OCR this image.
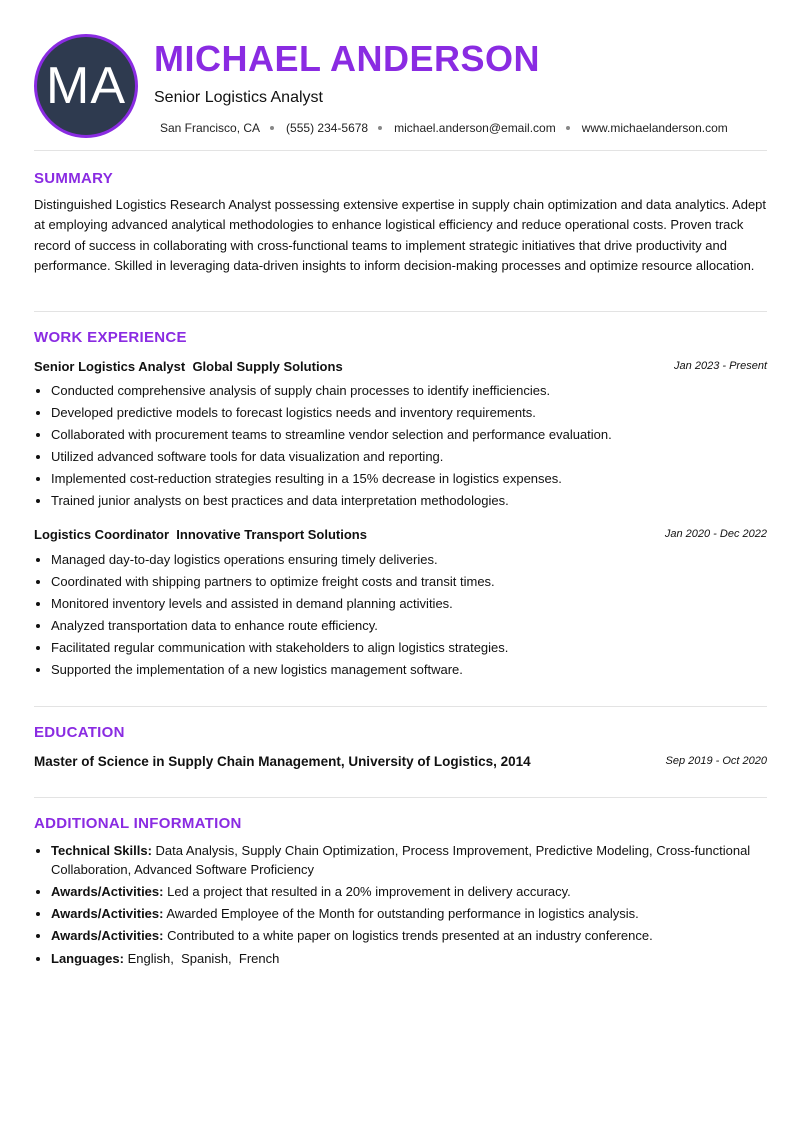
MA MICHAEL ANDERSON
Senior Logistics Analyst
San Francisco, CA (555) 234-5678 michael.anderson@email.com www.michaelanderson.com
SUMMARY
Distinguished Logistics Research Analyst possessing extensive expertise in supply chain optimization and data analytics. Adept at employing advanced analytical methodologies to enhance logistical efficiency and reduce operational costs. Proven track record of success in collaborating with cross-functional teams to implement strategic initiatives that drive productivity and performance. Skilled in leveraging data-driven insights to inform decision-making processes and optimize resource allocation.
WORK EXPERIENCE
Senior Logistics Analyst  Global Supply Solutions	Jan 2023 - Present
Conducted comprehensive analysis of supply chain processes to identify inefficiencies.
Developed predictive models to forecast logistics needs and inventory requirements.
Collaborated with procurement teams to streamline vendor selection and performance evaluation.
Utilized advanced software tools for data visualization and reporting.
Implemented cost-reduction strategies resulting in a 15% decrease in logistics expenses.
Trained junior analysts on best practices and data interpretation methodologies.
Logistics Coordinator  Innovative Transport Solutions	Jan 2020 - Dec 2022
Managed day-to-day logistics operations ensuring timely deliveries.
Coordinated with shipping partners to optimize freight costs and transit times.
Monitored inventory levels and assisted in demand planning activities.
Analyzed transportation data to enhance route efficiency.
Facilitated regular communication with stakeholders to align logistics strategies.
Supported the implementation of a new logistics management software.
EDUCATION
Master of Science in Supply Chain Management, University of Logistics, 2014	Sep 2019 - Oct 2020
ADDITIONAL INFORMATION
Technical Skills: Data Analysis, Supply Chain Optimization, Process Improvement, Predictive Modeling, Cross-functional Collaboration, Advanced Software Proficiency
Awards/Activities: Led a project that resulted in a 20% improvement in delivery accuracy.
Awards/Activities: Awarded Employee of the Month for outstanding performance in logistics analysis.
Awards/Activities: Contributed to a white paper on logistics trends presented at an industry conference.
Languages: English,  Spanish,  French
